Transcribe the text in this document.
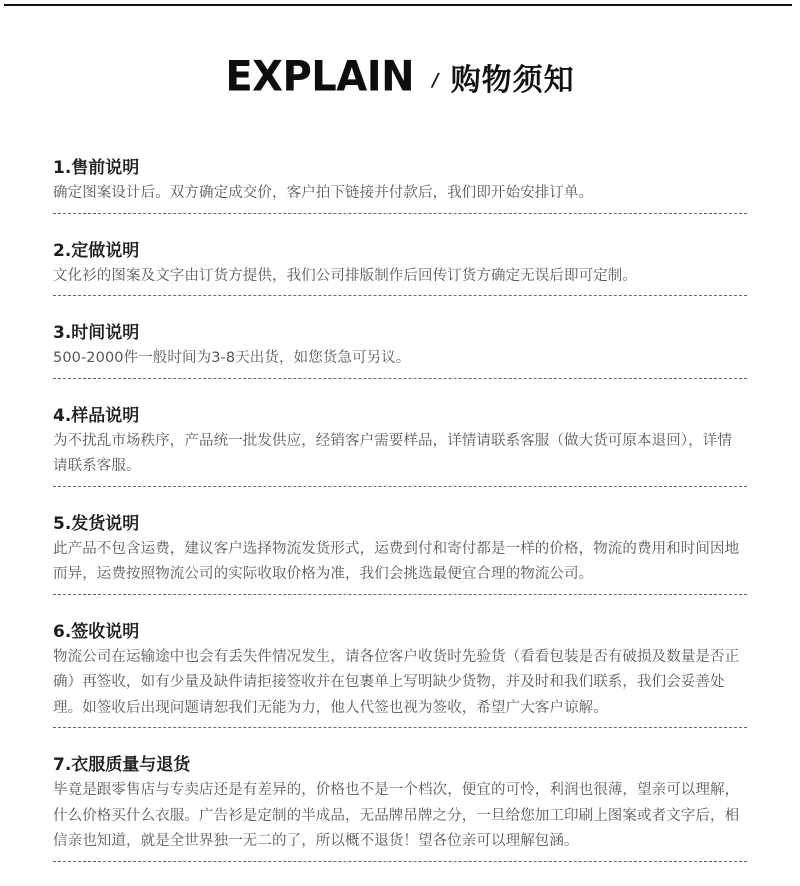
EXPLAIN / 购物须知
1.售前说明

确定图案设计后。双方确定成交价，客户拍下链接并付款后，我们即开始安排订单。

2.定做说明

文化衫的图案及文字由订货方提供，我们公司排版制作后回传订货方确定无误后即可定制。

3.时间说明

500-2000件一般时间为3-8天出货，如您货急可另议。

4.样品说明

为不扰乱市场秩序，产品统一批发供应，经销客户需要样品，详情请联系客服（做大货可原本退回），详情请联系客服。

5.发货说明

此产品不包含运费，建议客户选择物流发货形式，运费到付和寄付都是一样的价格，物流的费用和时间因地而异，运费按照物流公司的实际收取价格为准，我们会挑选最便宜合理的物流公司。

6.签收说明

物流公司在运输途中也会有丢失件情况发生，请各位客户收货时先验货（看看包装是否有破损及数量是否正确）再签收，如有少量及缺件请拒接签收并在包裹单上写明缺少货物，并及时和我们联系，我们会妥善处理。如签收后出现问题请恕我们无能为力，他人代签也视为签收，希望广大客户谅解。

7.衣服质量与退货

毕竟是跟零售店与专卖店还是有差异的，价格也不是一个档次，便宜的可怜，利润也很薄，望亲可以理解，什么价格买什么衣服。广告衫是定制的半成品，无品牌吊牌之分，一旦给您加工印刷上图案或者文字后，相信亲也知道，就是全世界独一无二的了，所以概不退货！望各位亲可以理解包涵。
